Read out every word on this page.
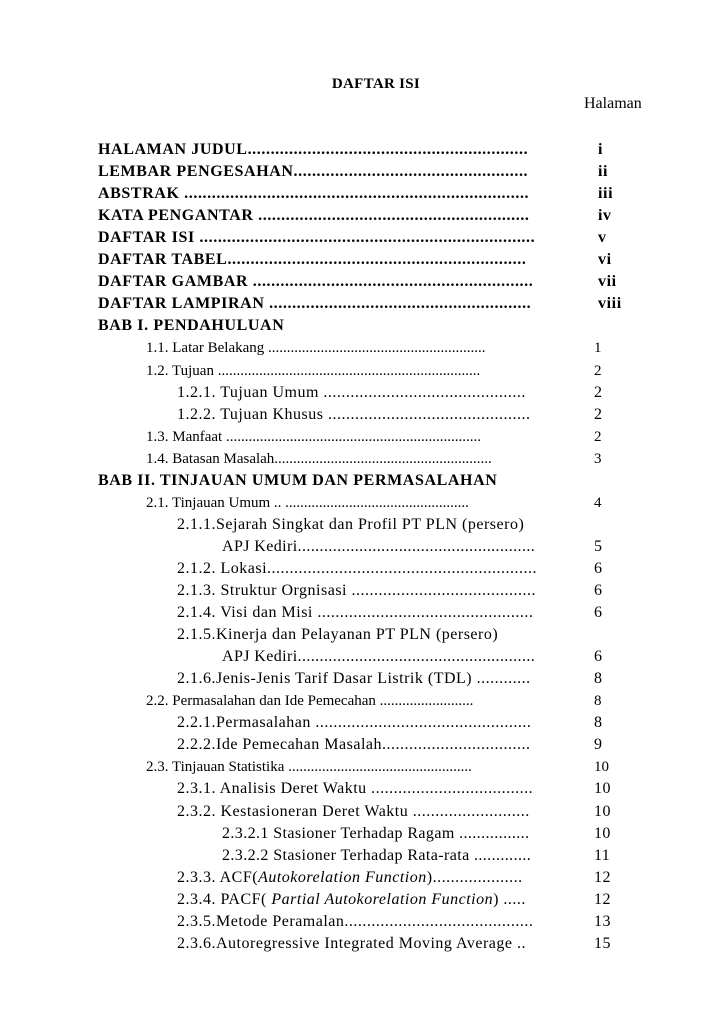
DAFTAR ISI
Halaman
HALAMAN JUDUL.............................................................	i
LEMBAR PENGESAHAN...................................................	ii
ABSTRAK ...........................................................................	iii
KATA PENGANTAR ...........................................................	iv
DAFTAR ISI .........................................................................	v
DAFTAR TABEL.................................................................	vi
DAFTAR GAMBAR .............................................................	vii
DAFTAR LAMPIRAN .........................................................	viii
BAB I. PENDAHULUAN
1.1. Latar Belakang ..........................................................	1
1.2. Tujuan ......................................................................	2
1.2.1. Tujuan Umum .............................................	2
1.2.2. Tujuan Khusus .............................................	2
1.3. Manfaat ....................................................................	2
1.4. Batasan Masalah..........................................................	3
BAB II. TINJAUAN UMUM DAN PERMASALAHAN
2.1. Tinjauan Umum .. .................................................	4
2.1.1.Sejarah Singkat dan Profil PT PLN (persero)
APJ Kediri......................................................	5
2.1.2. Lokasi............................................................	6
2.1.3. Struktur Orgnisasi .........................................	6
2.1.4. Visi dan Misi ................................................	6
2.1.5.Kinerja dan Pelayanan PT PLN (persero)
APJ Kediri......................................................	6
2.1.6.Jenis-Jenis Tarif Dasar Listrik (TDL) ............	8
2.2. Permasalahan dan Ide Pemecahan .........................	8
2.2.1.Permasalahan ................................................	8
2.2.2.Ide Pemecahan Masalah.................................	9
2.3. Tinjauan Statistika .................................................	10
2.3.1. Analisis Deret Waktu ....................................	10
2.3.2. Kestasioneran Deret Waktu ..........................	10
2.3.2.1 Stasioner Terhadap Ragam ................	10
2.3.2.2 Stasioner Terhadap Rata-rata .............	11
2.3.3. ACF(Autokorelation Function)....................	12
2.3.4. PACF( Partial Autokorelation Function) .....	12
2.3.5.Metode Peramalan..........................................	13
2.3.6.Autoregressive Integrated Moving Average ..	15
